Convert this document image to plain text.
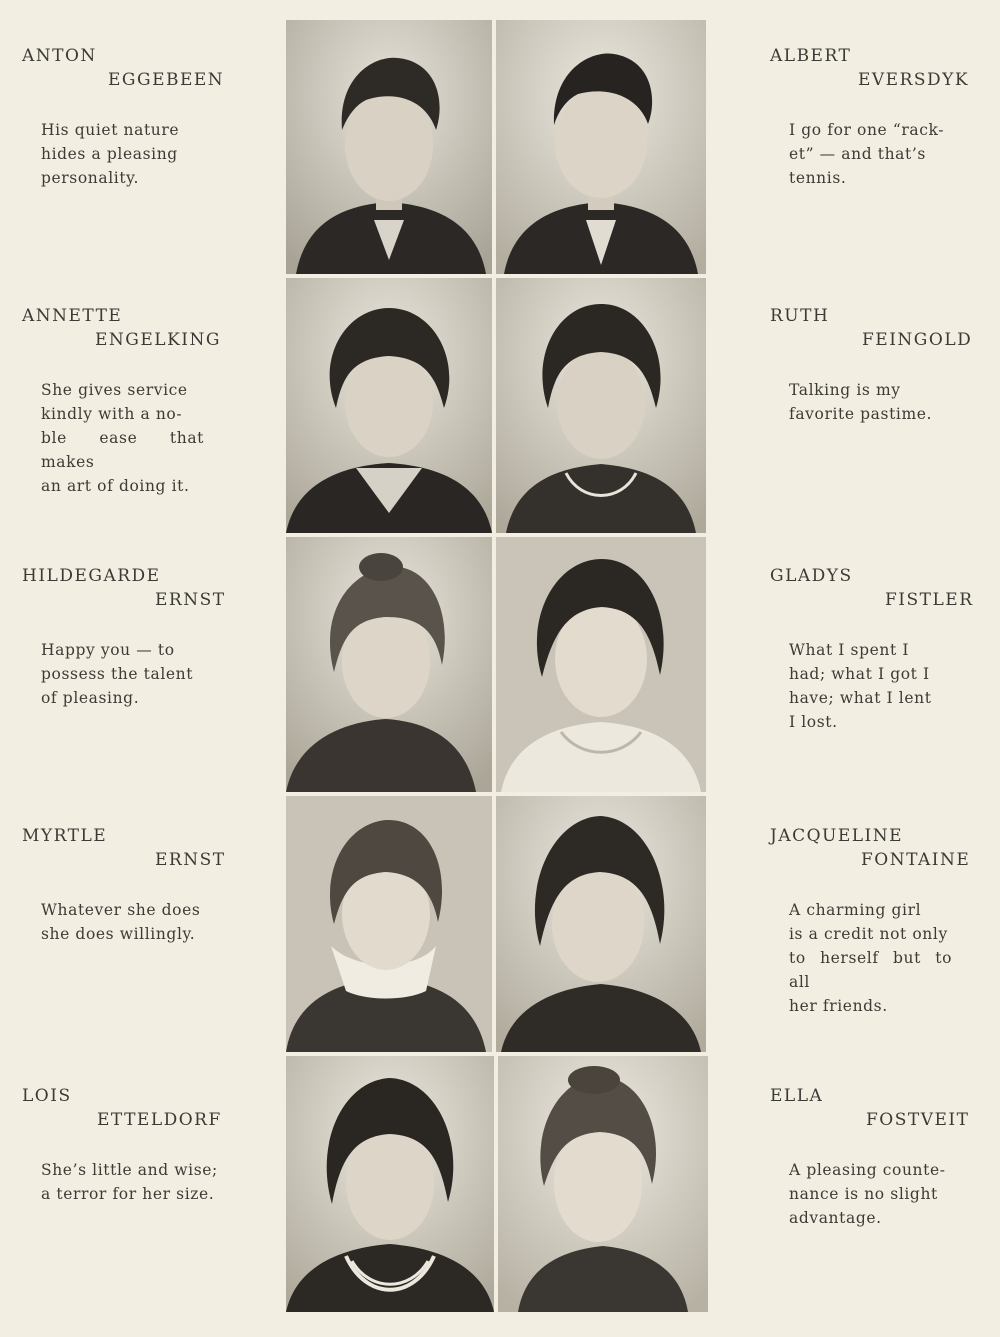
ANTON
EGGEBEEN
His quiet nature
hides a pleasing
personality.
ANNETTE
ENGELKING
She gives service
kindly with a no-
ble ease that makes
an art of doing it.
HILDEGARDE
ERNST
Happy you — to
possess the talent
of pleasing.
MYRTLE
ERNST
Whatever she does
she does willingly.
LOIS
ETTELDORF
She’s little and wise;
a terror for her size.
ALBERT
EVERSDYK
I go for one “rack-
et” — and that’s
tennis.
RUTH
FEINGOLD
Talking is my
favorite pastime.
GLADYS
FISTLER
What I spent I
had; what I got I
have; what I lent
I lost.
JACQUELINE
FONTAINE
A charming girl
is a credit not only
to herself but to all
her friends.
ELLA
FOSTVEIT
A pleasing counte-
nance is no slight
advantage.
